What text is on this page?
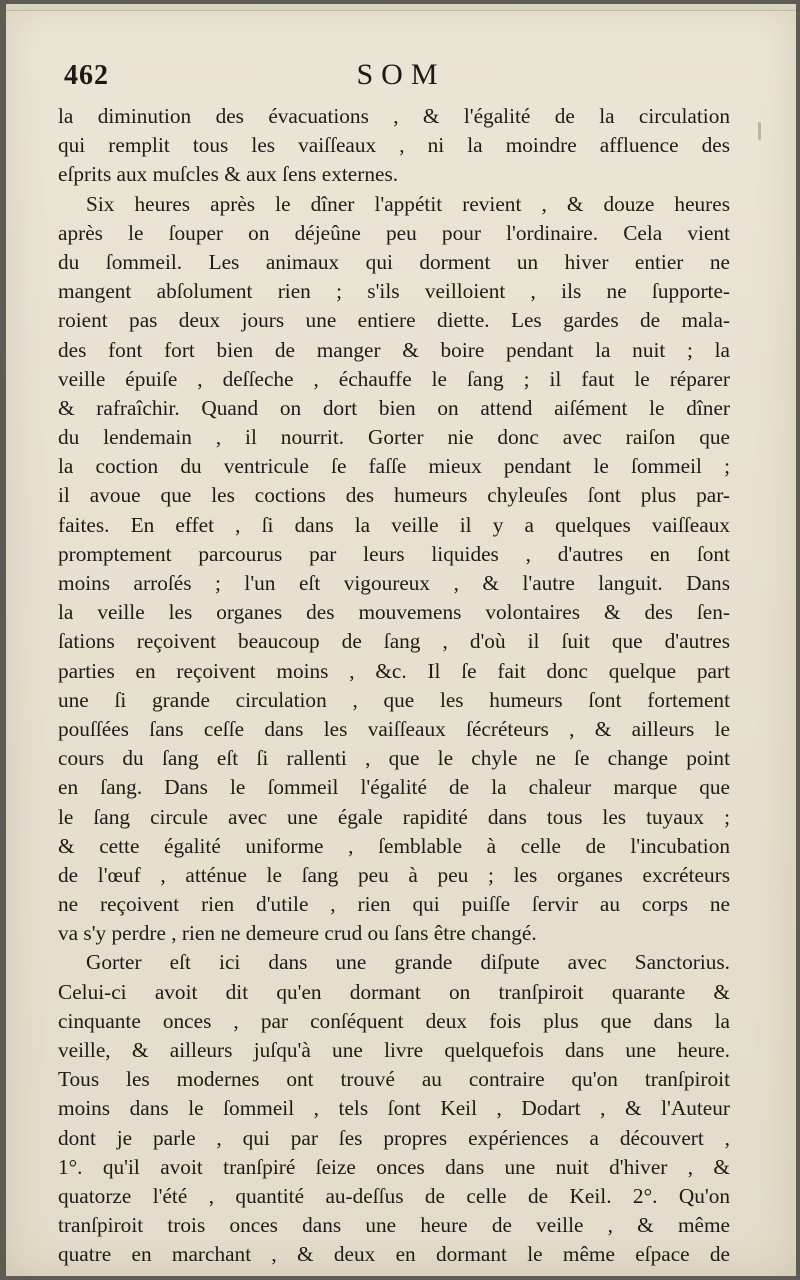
462	SOM
la diminution des évacuations , & l'égalité de la circulation
qui remplit tous les vaiſſeaux , ni la moindre affluence des
eſprits aux muſcles & aux ſens externes.
Six heures après le dîner l'appétit revient , & douze heures
après le ſouper on déjeûne peu pour l'ordinaire. Cela vient
du ſommeil. Les animaux qui dorment un hiver entier ne
mangent abſolument rien ; s'ils veilloient , ils ne ſupporte-
roient pas deux jours une entiere diette. Les gardes de mala-
des font fort bien de manger & boire pendant la nuit ; la
veille épuiſe , deſſeche , échauffe le ſang ; il faut le réparer
& rafraîchir. Quand on dort bien on attend aiſément le dîner
du lendemain , il nourrit. Gorter nie donc avec raiſon que
la coction du ventricule ſe faſſe mieux pendant le ſommeil ;
il avoue que les coctions des humeurs chyleuſes ſont plus par-
faites. En effet , ſi dans la veille il y a quelques vaiſſeaux
promptement parcourus par leurs liquides , d'autres en ſont
moins arroſés ; l'un eſt vigoureux , & l'autre languit. Dans
la veille les organes des mouvemens volontaires & des ſen-
ſations reçoivent beaucoup de ſang , d'où il ſuit que d'autres
parties en reçoivent moins , &c. Il ſe fait donc quelque part
une ſi grande circulation , que les humeurs ſont fortement
pouſſées ſans ceſſe dans les vaiſſeaux ſécréteurs , & ailleurs le
cours du ſang eſt ſi rallenti , que le chyle ne ſe change point
en ſang. Dans le ſommeil l'égalité de la chaleur marque que
le ſang circule avec une égale rapidité dans tous les tuyaux ;
& cette égalité uniforme , ſemblable à celle de l'incubation
de l'œuf , atténue le ſang peu à peu ; les organes excréteurs
ne reçoivent rien d'utile , rien qui puiſſe ſervir au corps ne
va s'y perdre , rien ne demeure crud ou ſans être changé.
Gorter eſt ici dans une grande diſpute avec Sanctorius.
Celui-ci avoit dit qu'en dormant on tranſpiroit quarante &
cinquante onces , par conſéquent deux fois plus que dans la
veille, & ailleurs juſqu'à une livre quelquefois dans une heure.
Tous les modernes ont trouvé au contraire qu'on tranſpiroit
moins dans le ſommeil , tels ſont Keil , Dodart , & l'Auteur
dont je parle , qui par ſes propres expériences a découvert ,
1°. qu'il avoit tranſpiré ſeize onces dans une nuit d'hiver , &
quatorze l'été , quantité au-deſſus de celle de Keil. 2°. Qu'on
tranſpiroit trois onces dans une heure de veille , & même
quatre en marchant , & deux en dormant le même eſpace de
